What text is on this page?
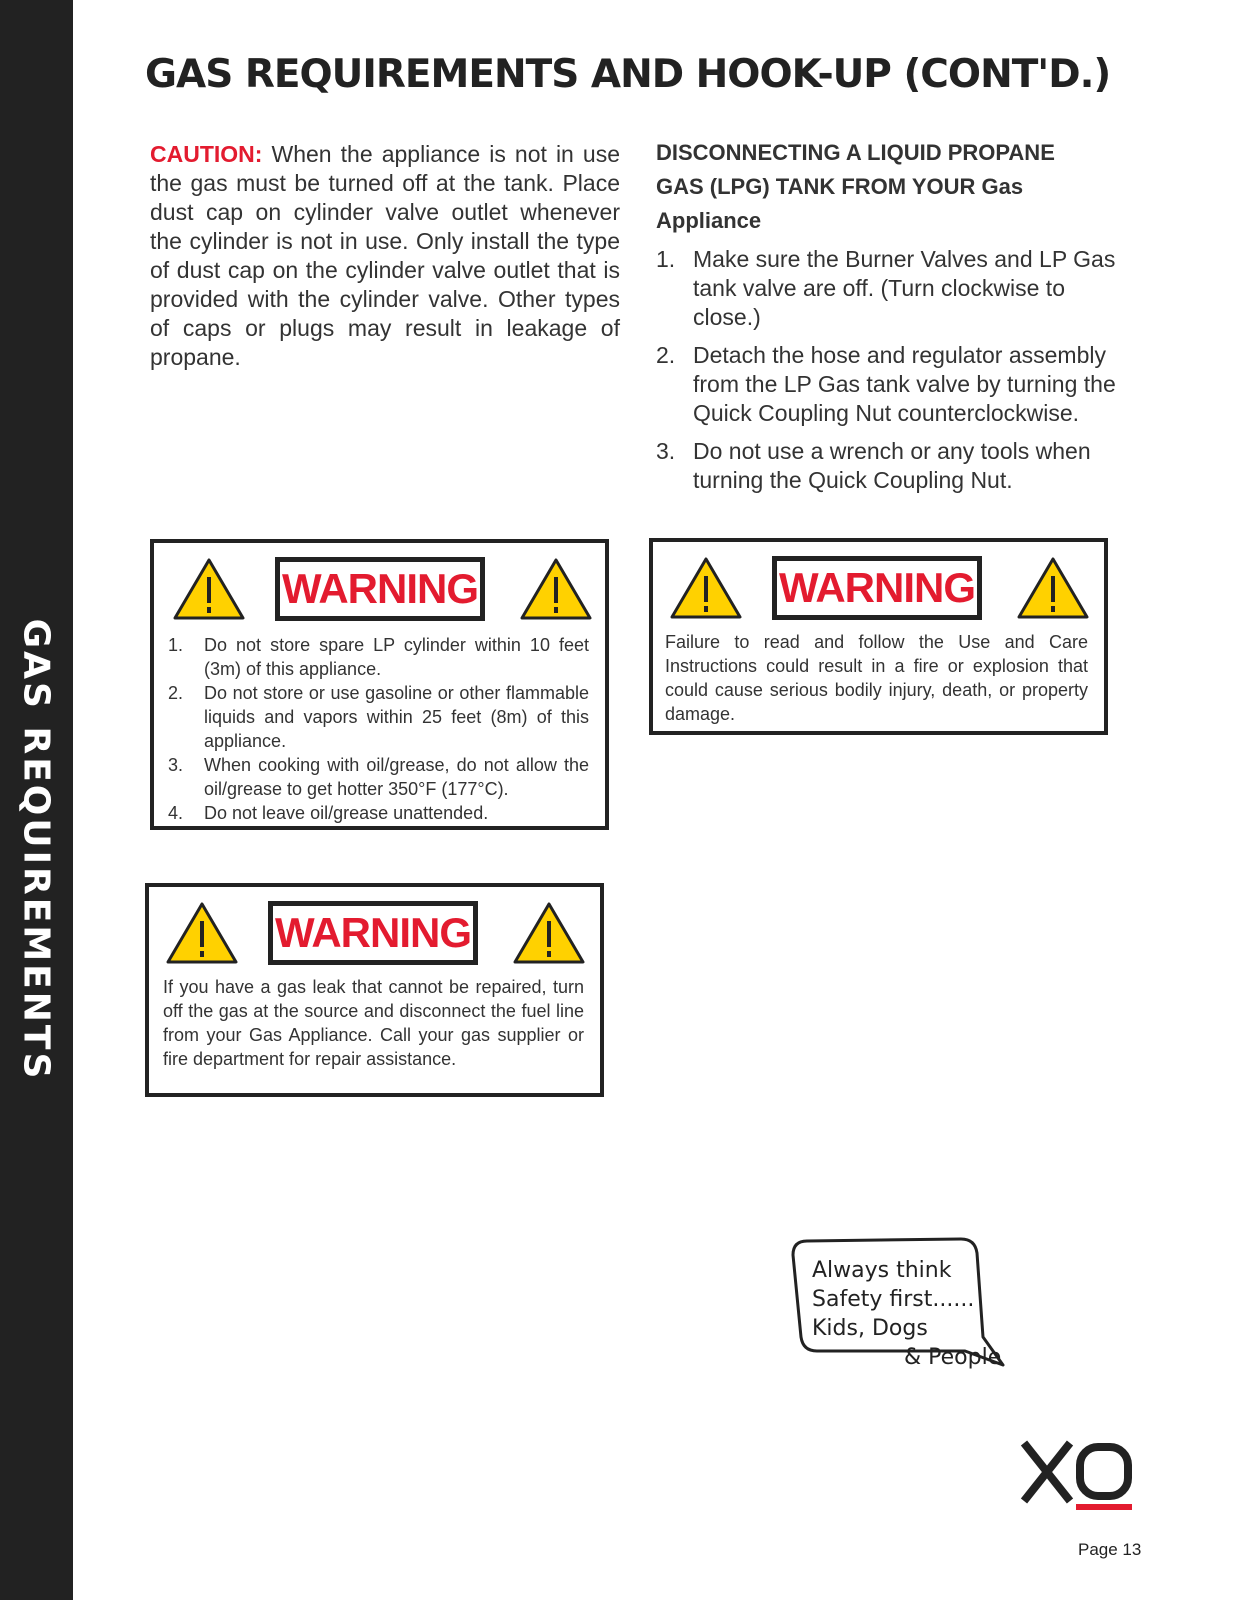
GAS REQUIREMENTS
GAS REQUIREMENTS AND HOOK-UP (CONT'D.)

CAUTION: When the appliance is not in use the gas must be turned off at the tank. Place dust cap on cylinder valve outlet whenever the cylinder is not in use. Only install the type of dust cap on the cylinder valve outlet that is provided with the cylinder valve. Other types of caps or plugs may result in leakage of propane.

DISCONNECTING A LIQUID PROPANE GAS (LPG) TANK FROM YOUR Gas Appliance

1. Make sure the Burner Valves and LP Gas tank valve are off. (Turn clockwise to close.)
2. Detach the hose and regulator assembly from the LP Gas tank valve by turning the Quick Coupling Nut counterclockwise.
3. Do not use a wrench or any tools when turning the Quick Coupling Nut.
WARNING
1. Do not store spare LP cylinder within 10 feet (3m) of this appliance.
2. Do not store or use gasoline or other flammable liquids and vapors within 25 feet (8m) of this appliance.
3. When cooking with oil/grease, do not allow the oil/grease to get hotter 350°F (177°C).
4. Do not leave oil/grease unattended.
WARNING

Failure to read and follow the Use and Care Instructions could result in a fire or explosion that could cause serious bodily injury, death, or property damage.

WARNING

If you have a gas leak that cannot be repaired, turn off the gas at the source and disconnect the fuel line from your Gas Appliance. Call your gas supplier or fire department for repair assistance.

Always think
Safety first......
Kids, Dogs
& People
Page 13
